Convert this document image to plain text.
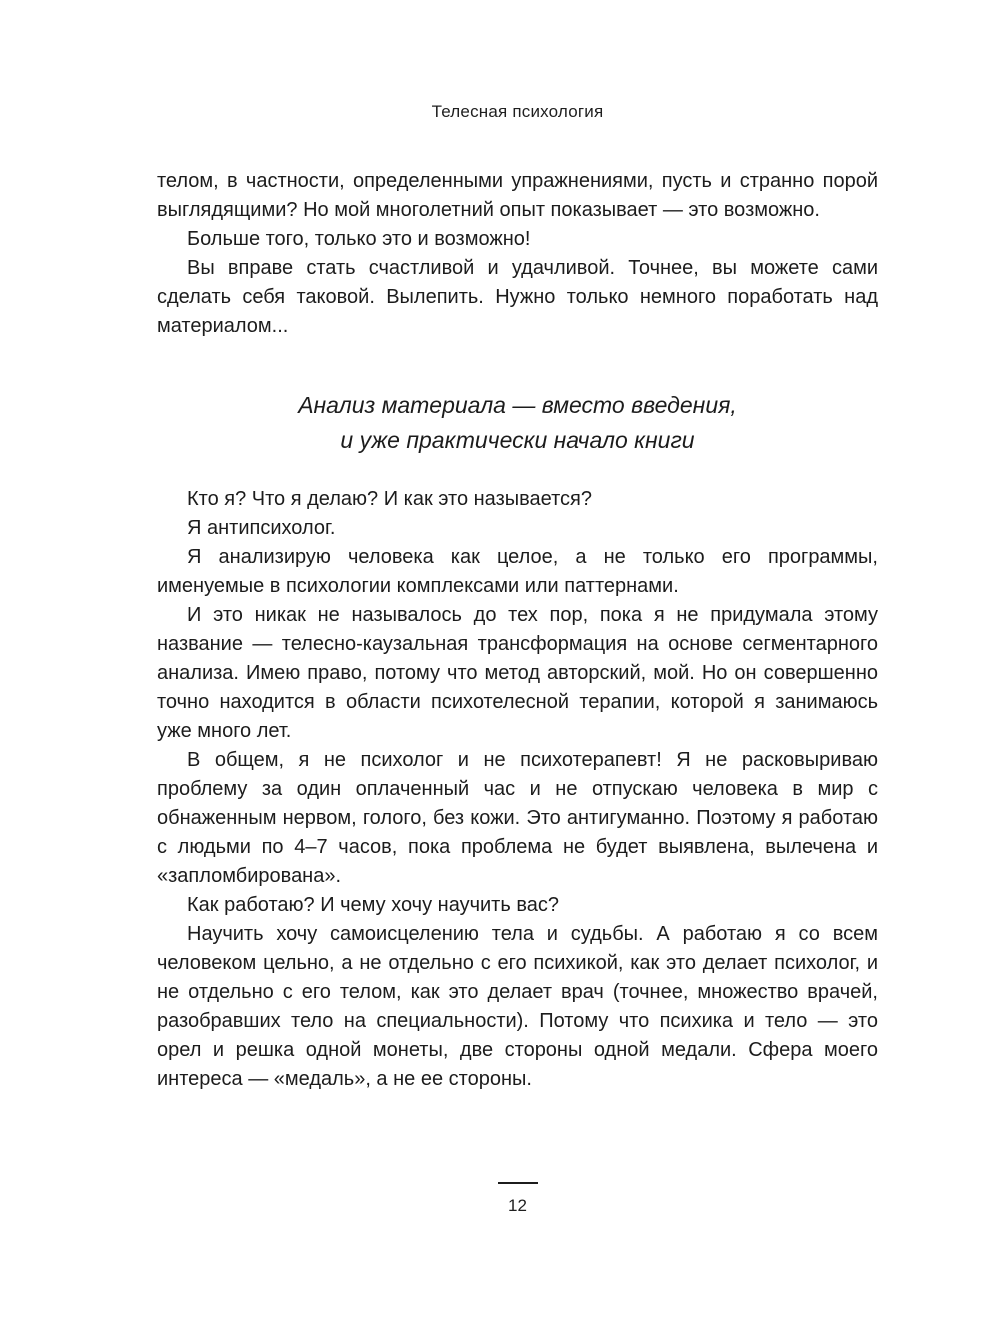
Телесная психология

телом, в частности, определенными упражнениями, пусть и странно порой выглядящими? Но мой многолетний опыт показывает — это возможно.

Больше того, только это и возможно!

Вы вправе стать счастливой и удачливой. Точнее, вы можете сами сделать себя таковой. Вылепить. Нужно только немного поработать над материалом...

Анализ материала — вместо введения,
и уже практически начало книги

Кто я? Что я делаю? И как это называется?

Я антипсихолог.

Я анализирую человека как целое, а не только его программы, именуемые в психологии комплексами или паттернами.

И это никак не называлось до тех пор, пока я не придумала этому название — телесно-каузальная трансформация на основе сегментарного анализа. Имею право, потому что метод авторский, мой. Но он совершенно точно находится в области психотелесной терапии, которой я занимаюсь уже много лет.

В общем, я не психолог и не психотерапевт! Я не расковыриваю проблему за один оплаченный час и не отпускаю человека в мир с обнаженным нервом, голого, без кожи. Это антигуманно. Поэтому я работаю с людьми по 4–7 часов, пока проблема не будет выявлена, вылечена и «запломбирована».

Как работаю? И чему хочу научить вас?

Научить хочу самоисцелению тела и судьбы. А работаю я со всем человеком цельно, а не отдельно с его психикой, как это делает психолог, и не отдельно с его телом, как это делает врач (точнее, множество врачей, разобравших тело на специальности). Потому что психика и тело — это орел и решка одной монеты, две стороны одной медали. Сфера моего интереса — «медаль», а не ее стороны.

12
